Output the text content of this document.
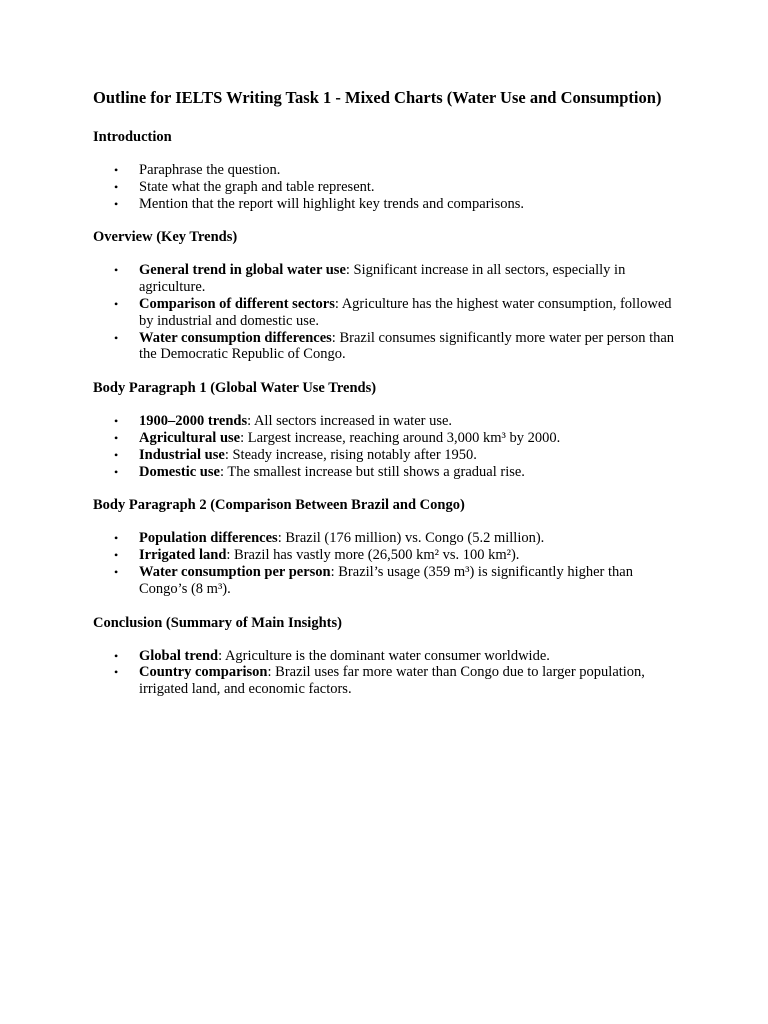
Outline for IELTS Writing Task 1 - Mixed Charts (Water Use and Consumption)
Introduction
• Paraphrase the question.
• State what the graph and table represent.
• Mention that the report will highlight key trends and comparisons.
Overview (Key Trends)
• General trend in global water use: Significant increase in all sectors, especially in agriculture.
• Comparison of different sectors: Agriculture has the highest water consumption, followed by industrial and domestic use.
• Water consumption differences: Brazil consumes significantly more water per person than the Democratic Republic of Congo.
Body Paragraph 1 (Global Water Use Trends)
• 1900–2000 trends: All sectors increased in water use.
• Agricultural use: Largest increase, reaching around 3,000 km³ by 2000.
• Industrial use: Steady increase, rising notably after 1950.
• Domestic use: The smallest increase but still shows a gradual rise.
Body Paragraph 2 (Comparison Between Brazil and Congo)
• Population differences: Brazil (176 million) vs. Congo (5.2 million).
• Irrigated land: Brazil has vastly more (26,500 km² vs. 100 km²).
• Water consumption per person: Brazil’s usage (359 m³) is significantly higher than Congo’s (8 m³).
Conclusion (Summary of Main Insights)
• Global trend: Agriculture is the dominant water consumer worldwide.
• Country comparison: Brazil uses far more water than Congo due to larger population, irrigated land, and economic factors.
